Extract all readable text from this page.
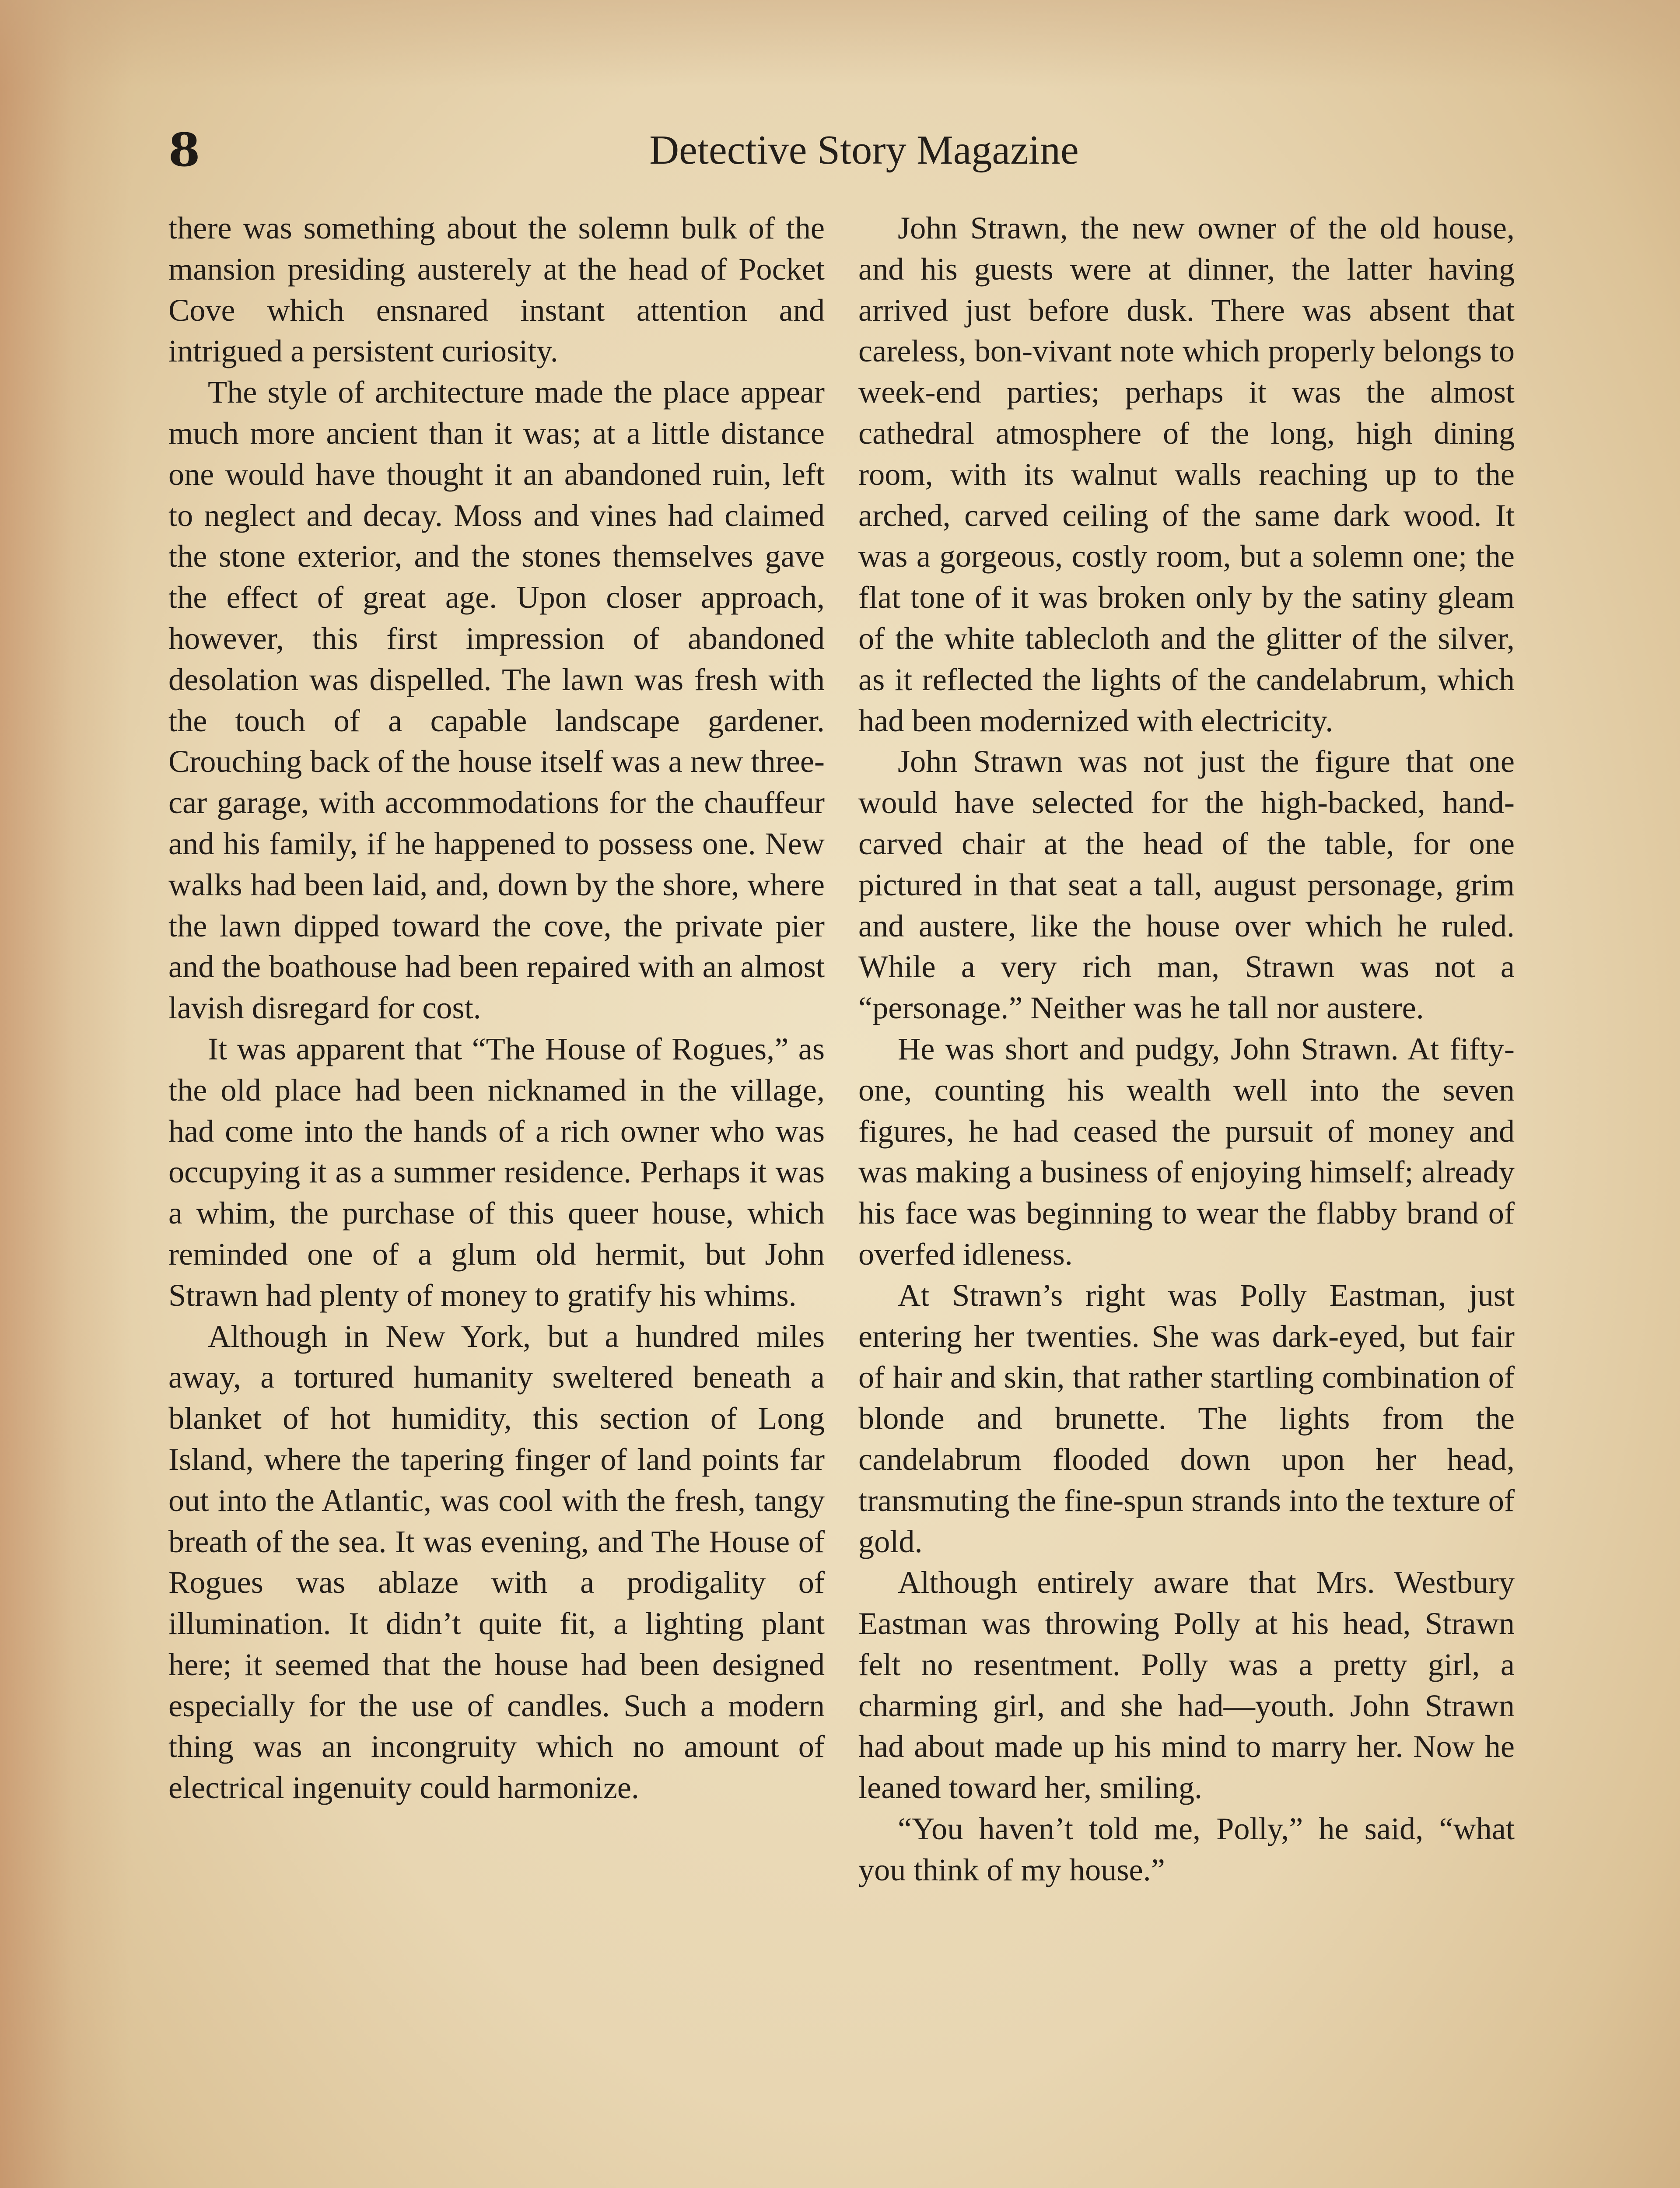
8	Detective Story Magazine

there was something about the solemn bulk of the mansion presiding austerely at the head of Pocket Cove which ensnared instant attention and intrigued a persistent curiosity.

The style of architecture made the place appear much more ancient than it was; at a little distance one would have thought it an abandoned ruin, left to neglect and decay. Moss and vines had claimed the stone exterior, and the stones themselves gave the effect of great age. Upon closer approach, however, this first impression of abandoned desolation was dispelled. The lawn was fresh with the touch of a capable landscape gardener. Crouching back of the house itself was a new three-car garage, with accommodations for the chauffeur and his family, if he happened to possess one. New walks had been laid, and, down by the shore, where the lawn dipped toward the cove, the private pier and the boathouse had been repaired with an almost lavish disregard for cost.

It was apparent that “The House of Rogues,” as the old place had been nicknamed in the village, had come into the hands of a rich owner who was occupying it as a summer residence. Perhaps it was a whim, the purchase of this queer house, which reminded one of a glum old hermit, but John Strawn had plenty of money to gratify his whims.

Although in New York, but a hundred miles away, a tortured humanity sweltered beneath a blanket of hot humidity, this section of Long Island, where the tapering finger of land points far out into the Atlantic, was cool with the fresh, tangy breath of the sea. It was evening, and The House of Rogues was ablaze with a prodigality of illumination. It didn’t quite fit, a lighting plant here; it seemed that the house had been designed especially for the use of candles. Such a modern thing was an incongruity which no amount of electrical ingenuity could harmonize.

John Strawn, the new owner of the old house, and his guests were at dinner, the latter having arrived just before dusk. There was absent that careless, bon-vivant note which properly belongs to week-end parties; perhaps it was the almost cathedral atmosphere of the long, high dining room, with its walnut walls reaching up to the arched, carved ceiling of the same dark wood. It was a gorgeous, costly room, but a solemn one; the flat tone of it was broken only by the satiny gleam of the white tablecloth and the glitter of the silver, as it reflected the lights of the candelabrum, which had been modernized with electricity.

John Strawn was not just the figure that one would have selected for the high-backed, hand-carved chair at the head of the table, for one pictured in that seat a tall, august personage, grim and austere, like the house over which he ruled. While a very rich man, Strawn was not a “personage.” Neither was he tall nor austere.

He was short and pudgy, John Strawn. At fifty-one, counting his wealth well into the seven figures, he had ceased the pursuit of money and was making a business of enjoying himself; already his face was beginning to wear the flabby brand of overfed idleness.

At Strawn’s right was Polly Eastman, just entering her twenties. She was dark-eyed, but fair of hair and skin, that rather startling combination of blonde and brunette. The lights from the candelabrum flooded down upon her head, transmuting the fine-spun strands into the texture of gold.

Although entirely aware that Mrs. Westbury Eastman was throwing Polly at his head, Strawn felt no resentment. Polly was a pretty girl, a charming girl, and she had—youth. John Strawn had about made up his mind to marry her. Now he leaned toward her, smiling.

“You haven’t told me, Polly,” he said, “what you think of my house.”
